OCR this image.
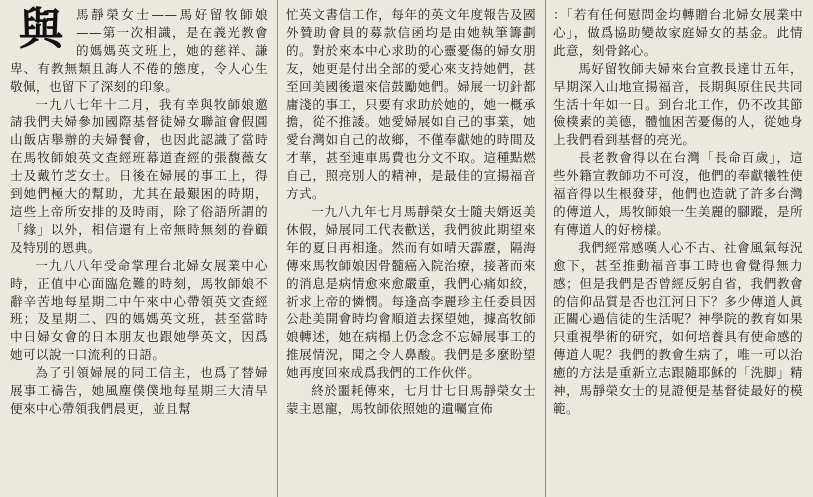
與	馬靜榮女士——馬好留牧師娘——第一次相識，是在義光教會的媽媽英文班上，她的慈祥、謙卑、有教無類且誨人不倦的態度，令人心生敬佩，也留下了深刻的印象。

一九八七年十二月，我有幸與牧師娘邀請我們夫婦參加國際基督徒婦女聯誼會假圓山飯店舉辦的夫婦餐會，也因此認識了當時在馬牧師娘英文查經班幕道査經的張馥薇女士及戴竹芝女士。日後在婦展的事工上，得到她們極大的幫助，尤其在最艱困的時期，這些上帝所安排的及時雨，除了俗語所謂的「緣」以外，相信還有上帝無時無刻的眷顧及特別的恩典。

一九八八年受命掌理台北婦女展業中心時，正值中心面臨危難的時刻，馬牧師娘不辭辛苦地每星期二中午來中心帶領英文查經班；及星期二、四的媽媽英文班，甚至當時中日婦女會的日本朋友也跟她學英文，因爲她可以說一口流利的日語。

為了引領婦展的同工信主，也爲了替婦展事工禱告，她風塵僕僕地每星期三大清早便來中心帶領我們晨更，並且幫

忙英文書信工作，每年的英文年度報告及國外贊助會員的募款信函均是由她執筆籌劃的。對於來本中心求助的心靈憂傷的婦女朋友，她更是付出全部的愛心來支持她們，甚至回美國後還來信鼓勵她們。婦展一切針都庸淺的事工，只要有求助於她的，她一概承擔，從不推諉。她愛婦展如自己的事業，她愛台灣如自己的故鄉，不僅奉獻她的時間及才華，甚至連車馬費也分文不取。這種點燃自己，照亮別人的精神，是最佳的宣揚福音方式。

一九八九年七月馬靜榮女士隨夫婿返美休假，婦展同工代表歡送，我們彼此期望來年的夏日再相逢。然而有如晴天霹靂，隔海傳來馬牧師娘因骨髓癌入院治療，接著而來的消息是病情愈來愈嚴重，我們心痛如絞，祈求上帝的憐憫。每逢高李麗珍主任委員因公赴美開會時均會順道去探望她，據高牧師娘轉述，她在病榻上仍念念不忘婦展事工的推展情況，聞之令人鼻酸。我們是多麼盼望她再度回來成爲我們的工作伙伴。

終於噩耗傳來，七月廿七日馬靜榮女士蒙主恩寵，馬牧師依照她的遺囑宣佈

：「若有任何慰問金均轉贈台北婦女展業中心」，做爲協助變故家庭婦女的基金。此情此意，刻骨銘心。

馬好留牧師夫婦來台宣教長達廿五年，早期深入山地宣揚福音，長期與原住民共同生活十年如一日。到台北工作，仍不改其節儉樸素的美德，體恤困苦憂傷的人，從她身上我們看到基督的亮光。

長老教會得以在台灣「長命百歲」，這些外籍宣教師功不可沒，他們的奉獻犧牲使福音得以生根發芽，他們也造就了許多台灣的傳道人，馬牧師娘一生美麗的腳蹤，是所有傳道人的好榜樣。

我們經常感嘆人心不古、社會風氣每況愈下，甚至推動福音事工時也會覺得無力感；但是我們是否曾經反躬自省，我們教會的信仰品質是否也江河日下？多少傳道人眞正關心過信徒的生活呢？神學院的教育如果只重視學術的研究，如何培養具有使命感的傳道人呢？我們的教會生病了，唯一可以治癒的方法是重新立志跟隨耶穌的「洗脚」精神，馬靜榮女士的見證便是基督徒最好的模範。
